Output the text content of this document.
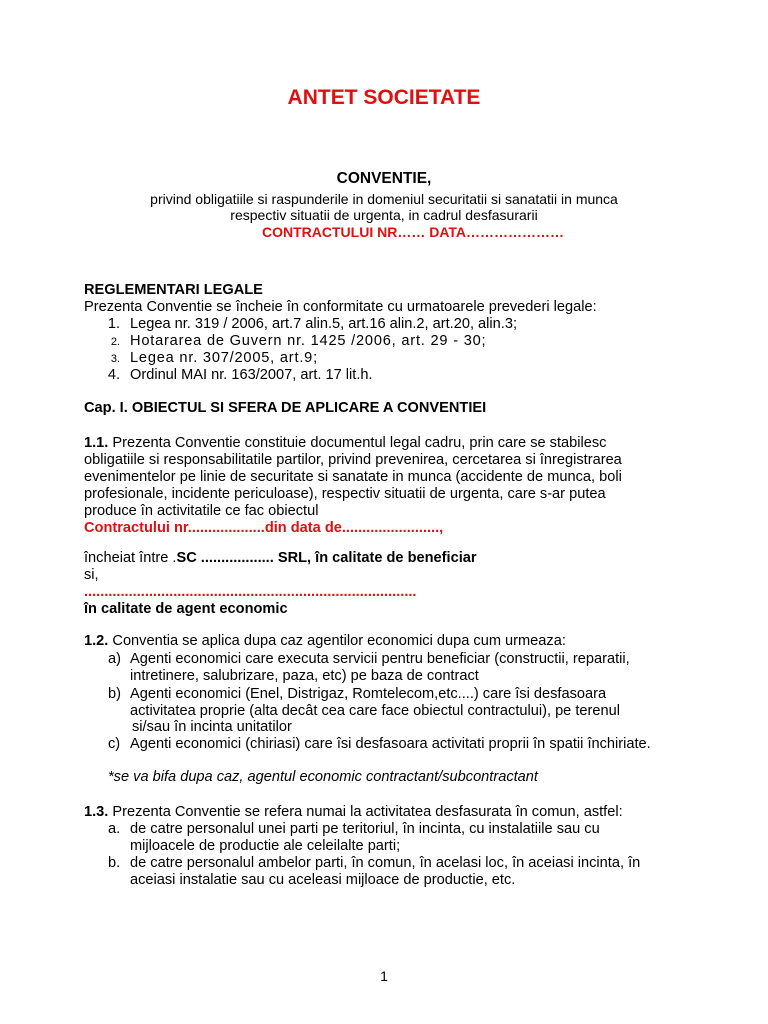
ANTET SOCIETATE
CONVENTIE,
privind obligatiile si raspunderile in domeniul securitatii si sanatatii in munca
respectiv situatii de urgenta, in cadrul desfasurarii
CONTRACTULUI NR…… DATA…………………
REGLEMENTARI LEGALE
Prezenta Conventie se încheie în conformitate cu urmatoarele prevederi legale:
1. Legea nr. 319 / 2006, art.7 alin.5, art.16 alin.2, art.20, alin.3;
2. Hotararea de Guvern nr. 1425 /2006, art. 29 - 30;
3. Legea nr. 307/2005, art.9;
4. Ordinul MAI nr. 163/2007, art. 17 lit.h.
Cap. I. OBIECTUL SI SFERA DE APLICARE A CONVENTIEI
1.1. Prezenta Conventie constituie documentul legal cadru, prin care se stabilesc
obligatiile si responsabilitatile partilor, privind prevenirea, cercetarea si înregistrarea
evenimentelor pe linie de securitate si sanatate in munca (accidente de munca, boli
profesionale, incidente periculoase), respectiv situatii de urgenta, care s-ar putea
produce în activitatile ce fac obiectul
Contractului nr...................din data de........................,
încheiat între .SC .................. SRL, în calitate de beneficiar
si,
..................................................................................
în calitate de agent economic
1.2. Conventia se aplica dupa caz agentilor economici dupa cum urmeaza:
a) Agenti economici care executa servicii pentru beneficiar (constructii, reparatii,
intretinere, salubrizare, paza, etc) pe baza de contract
b) Agenti economici (Enel, Distrigaz, Romtelecom,etc....) care îsi desfasoara
activitatea proprie (alta decât cea care face obiectul contractului), pe terenul
si/sau în incinta unitatilor
c) Agenti economici (chiriasi) care îsi desfasoara activitati proprii în spatii închiriate.
*se va bifa dupa caz, agentul economic contractant/subcontractant
1.3. Prezenta Conventie se refera numai la activitatea desfasurata în comun, astfel:
a. de catre personalul unei parti pe teritoriul, în incinta, cu instalatiile sau cu
mijloacele de productie ale celeilalte parti;
b. de catre personalul ambelor parti, în comun, în acelasi loc, în aceiasi incinta, în
aceiasi instalatie sau cu aceleasi mijloace de productie, etc.
1
